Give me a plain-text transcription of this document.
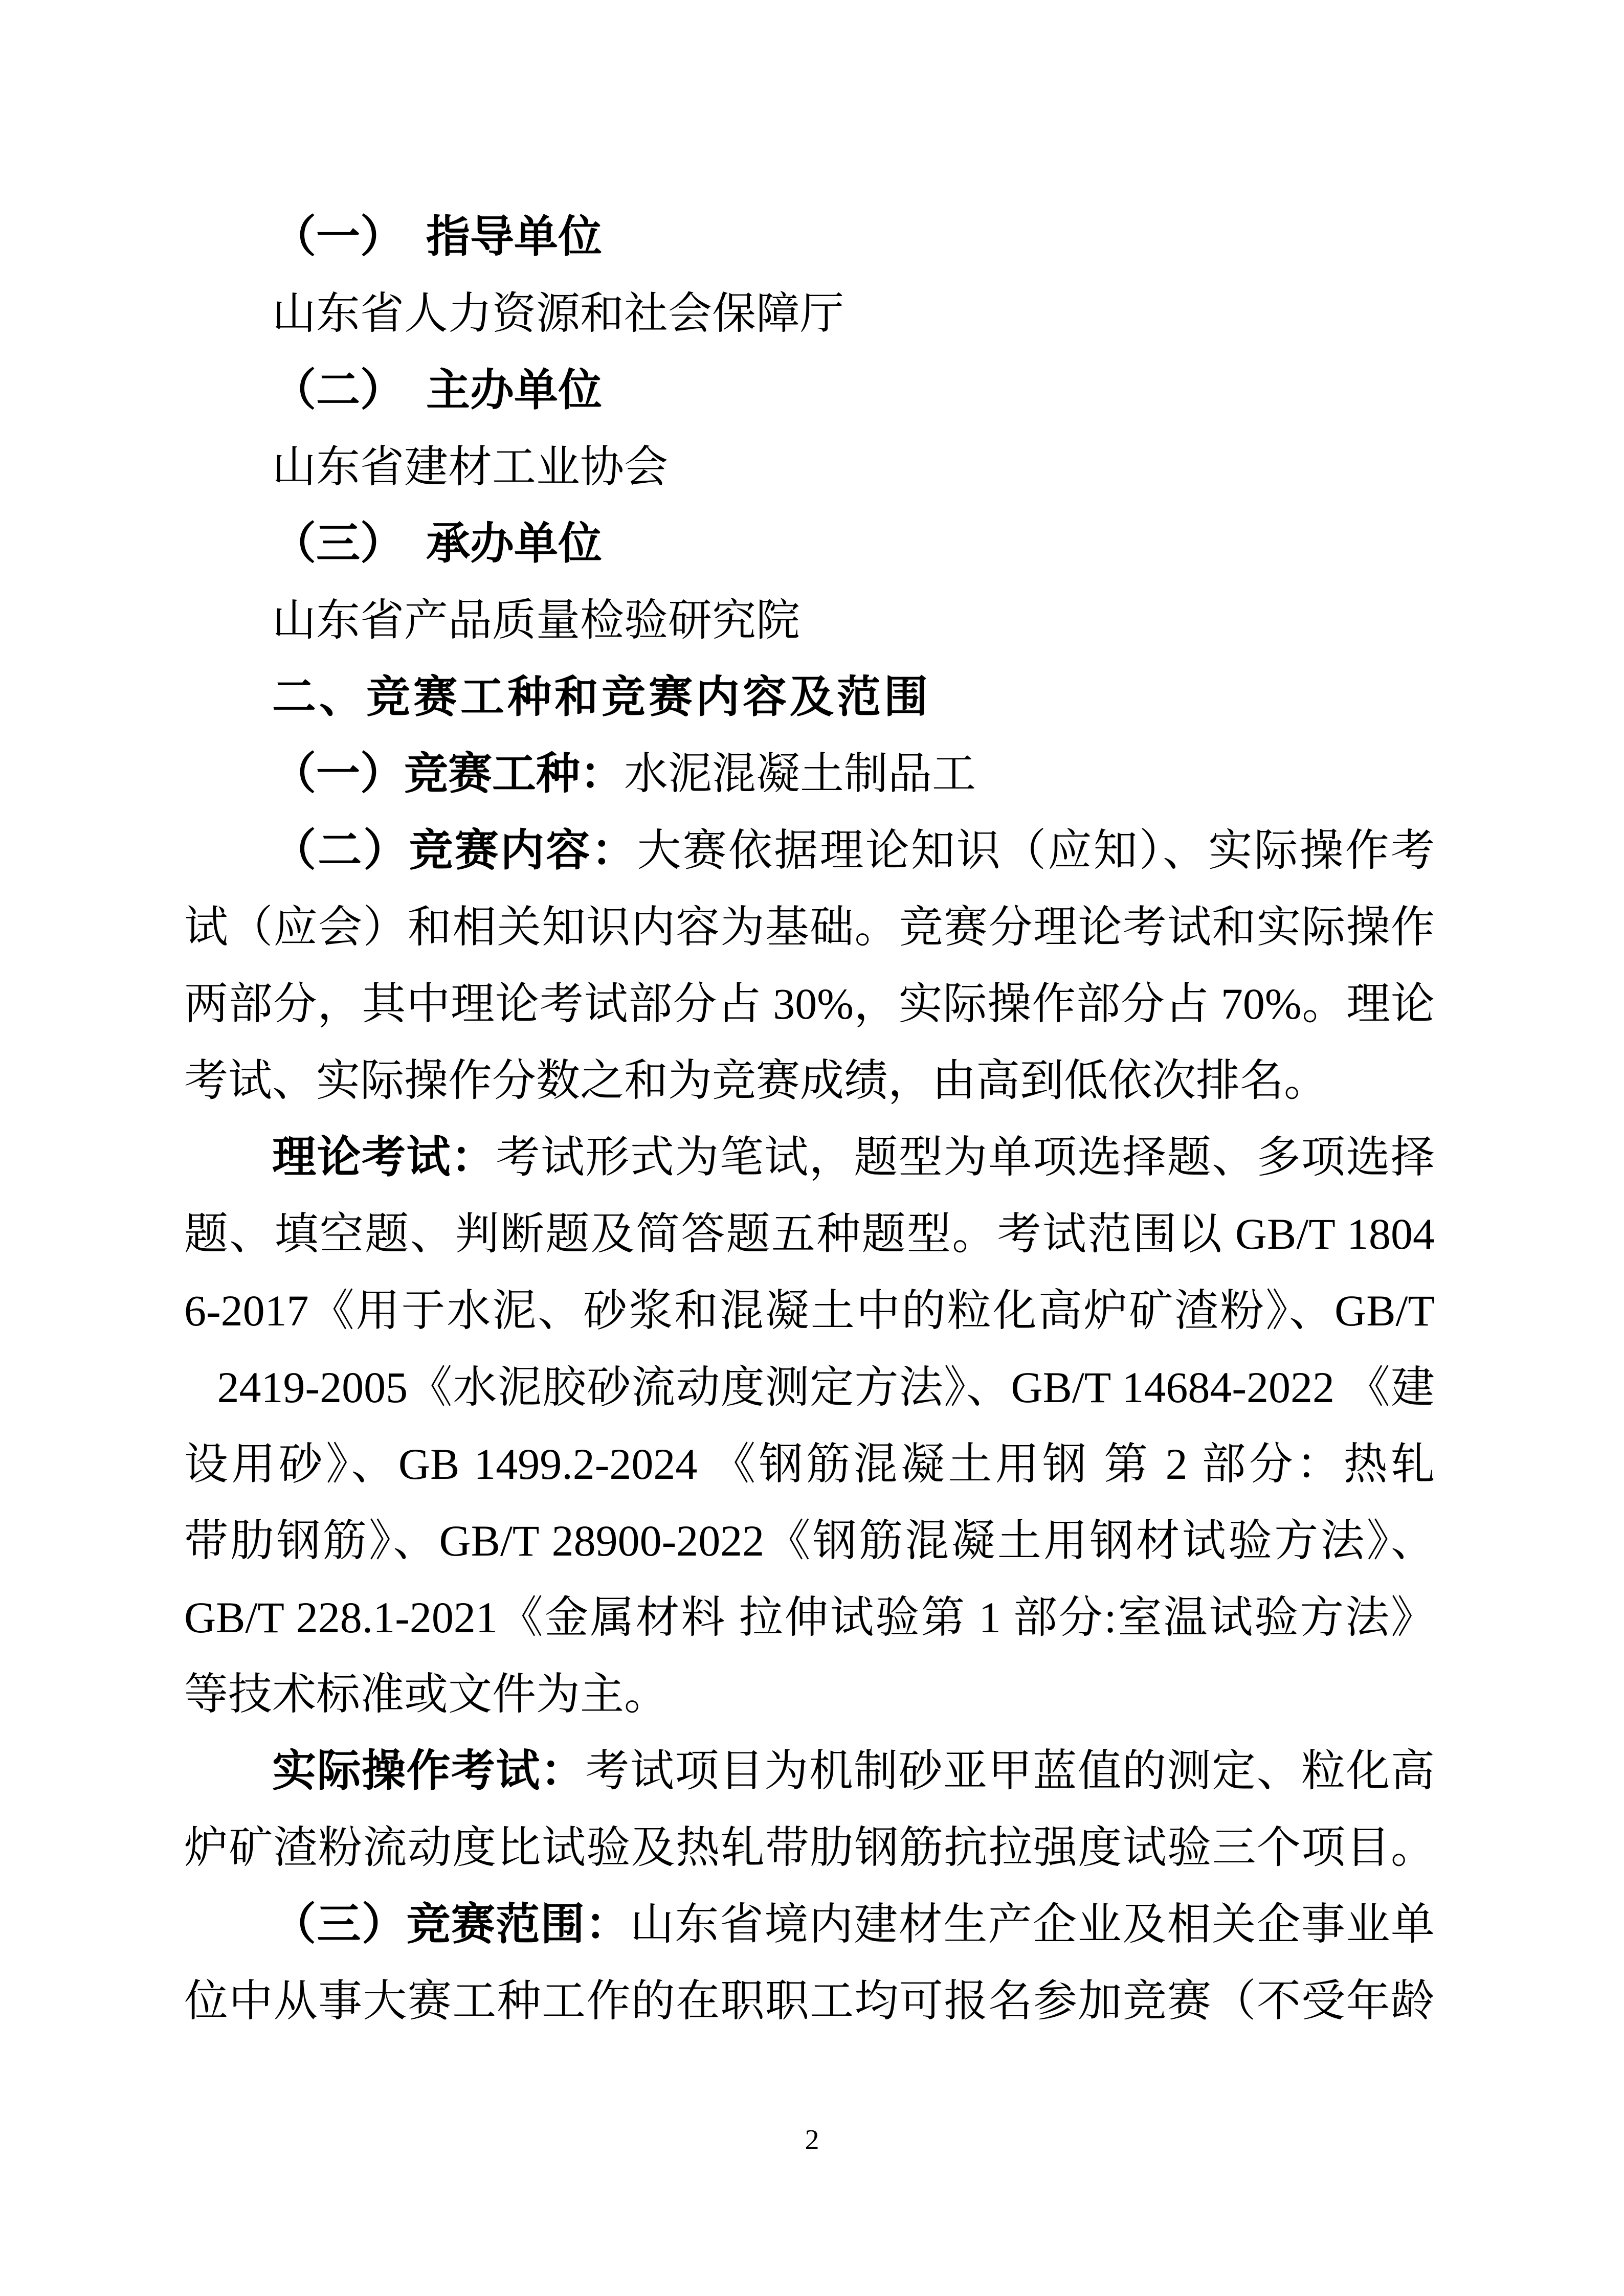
（一）　指导单位
山东省人力资源和社会保障厅
（二）　主办单位
山东省建材工业协会
（三）　承办单位
山东省产品质量检验研究院
二、竞赛工种和竞赛内容及范围
（一）竞赛工种：水泥混凝土制品工
（二）竞赛内容：大赛依据理论知识（应知）、实际操作考
试（应会）和相关知识内容为基础。竞赛分理论考试和实际操作
两部分，其中理论考试部分占 30%，实际操作部分占 70%。理论
考试、实际操作分数之和为竞赛成绩，由高到低依次排名。
理论考试：考试形式为笔试，题型为单项选择题、多项选择
题、填空题、判断题及简答题五种题型。考试范围以 GB/T 1804
6-2017《用于水泥、砂浆和混凝土中的粒化高炉矿渣粉》、GB/T
2419-2005《水泥胶砂流动度测定方法》、GB/T 14684-2022 《建
设用砂》、GB 1499.2-2024 《钢筋混凝土用钢 第 2 部分：热轧
带肋钢筋》、GB/T 28900-2022《钢筋混凝土用钢材试验方法》、
GB/T 228.1-2021《金属材料 拉伸试验第 1 部分:室温试验方法》
等技术标准或文件为主。
实际操作考试：考试项目为机制砂亚甲蓝值的测定、粒化高
炉矿渣粉流动度比试验及热轧带肋钢筋抗拉强度试验三个项目。
（三）竞赛范围：山东省境内建材生产企业及相关企事业单
位中从事大赛工种工作的在职职工均可报名参加竞赛（不受年龄
2
